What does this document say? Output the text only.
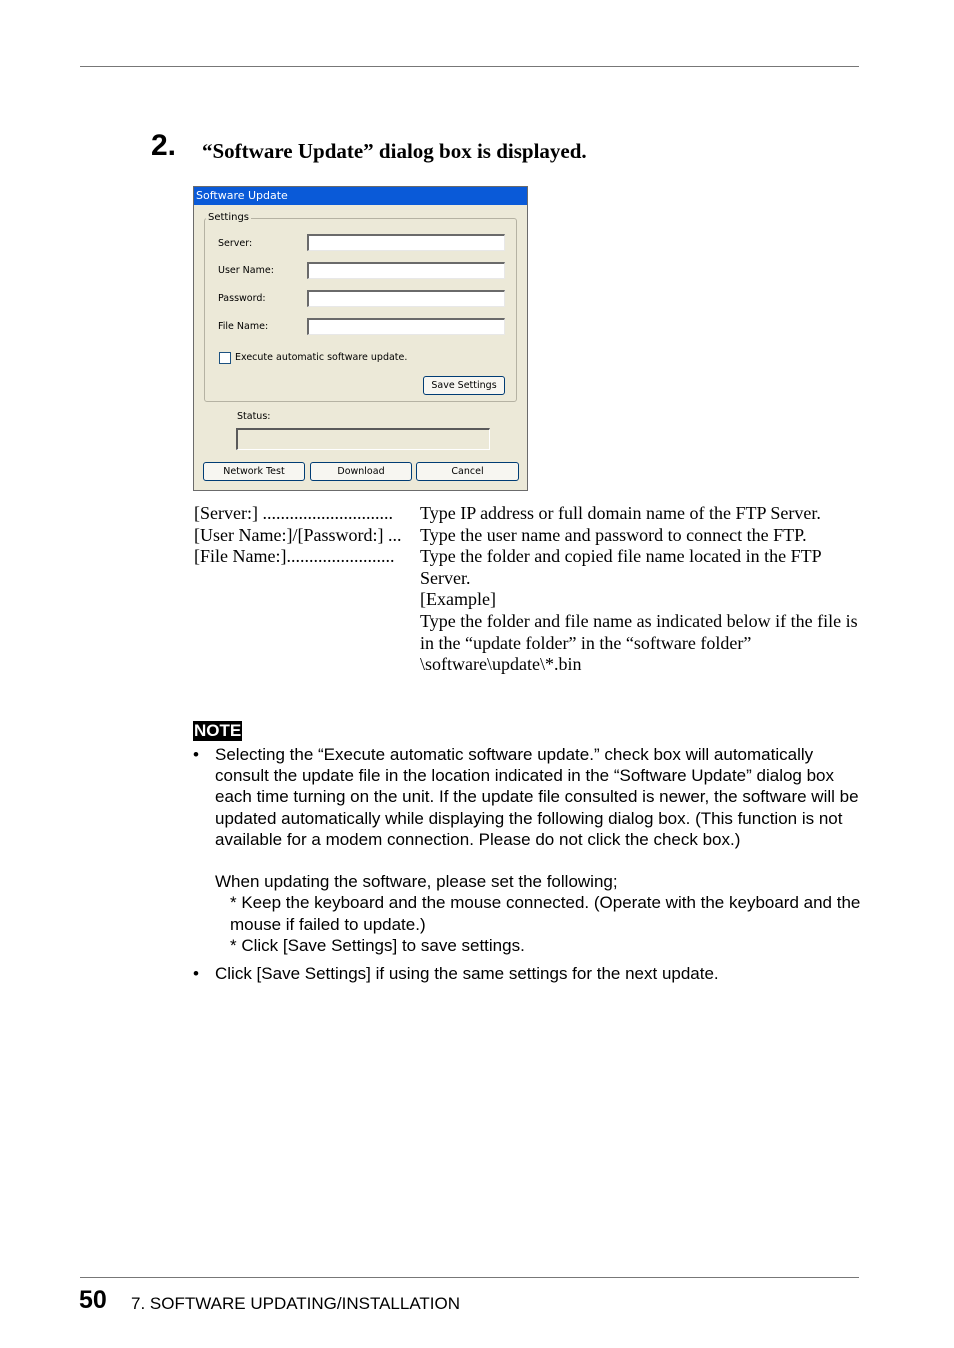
2. “Software Update” dialog box is displayed.
Software Update
Settings
Server:
User Name:
Password:
File Name:
Execute automatic software update.
Save Settings
Status:
Network Test	Download	Cancel
[Server:] .............................	Type IP address or full domain name of the FTP Server.
[User Name:]/[Password:] ...	Type the user name and password to connect the FTP.
[File Name:]........................	Type the folder and copied file name located in the FTP Server.
[Example]
Type the folder and file name as indicated below if the file is in the “update folder” in the “software folder”
\software\update\*.bin
NOTE
• Selecting the “Execute automatic software update.” check box will automatically consult the update file in the location indicated in the “Software Update” dialog box each time turning on the unit. If the update file consulted is newer, the software will be updated automatically while displaying the following dialog box. (This function is not available for a modem connection. Please do not click the check box.)
When updating the software, please set the following;
* Keep the keyboard and the mouse connected. (Operate with the keyboard and the mouse if failed to update.)
* Click [Save Settings] to save settings.
• Click [Save Settings] if using the same settings for the next update.
50 7. SOFTWARE UPDATING/INSTALLATION
